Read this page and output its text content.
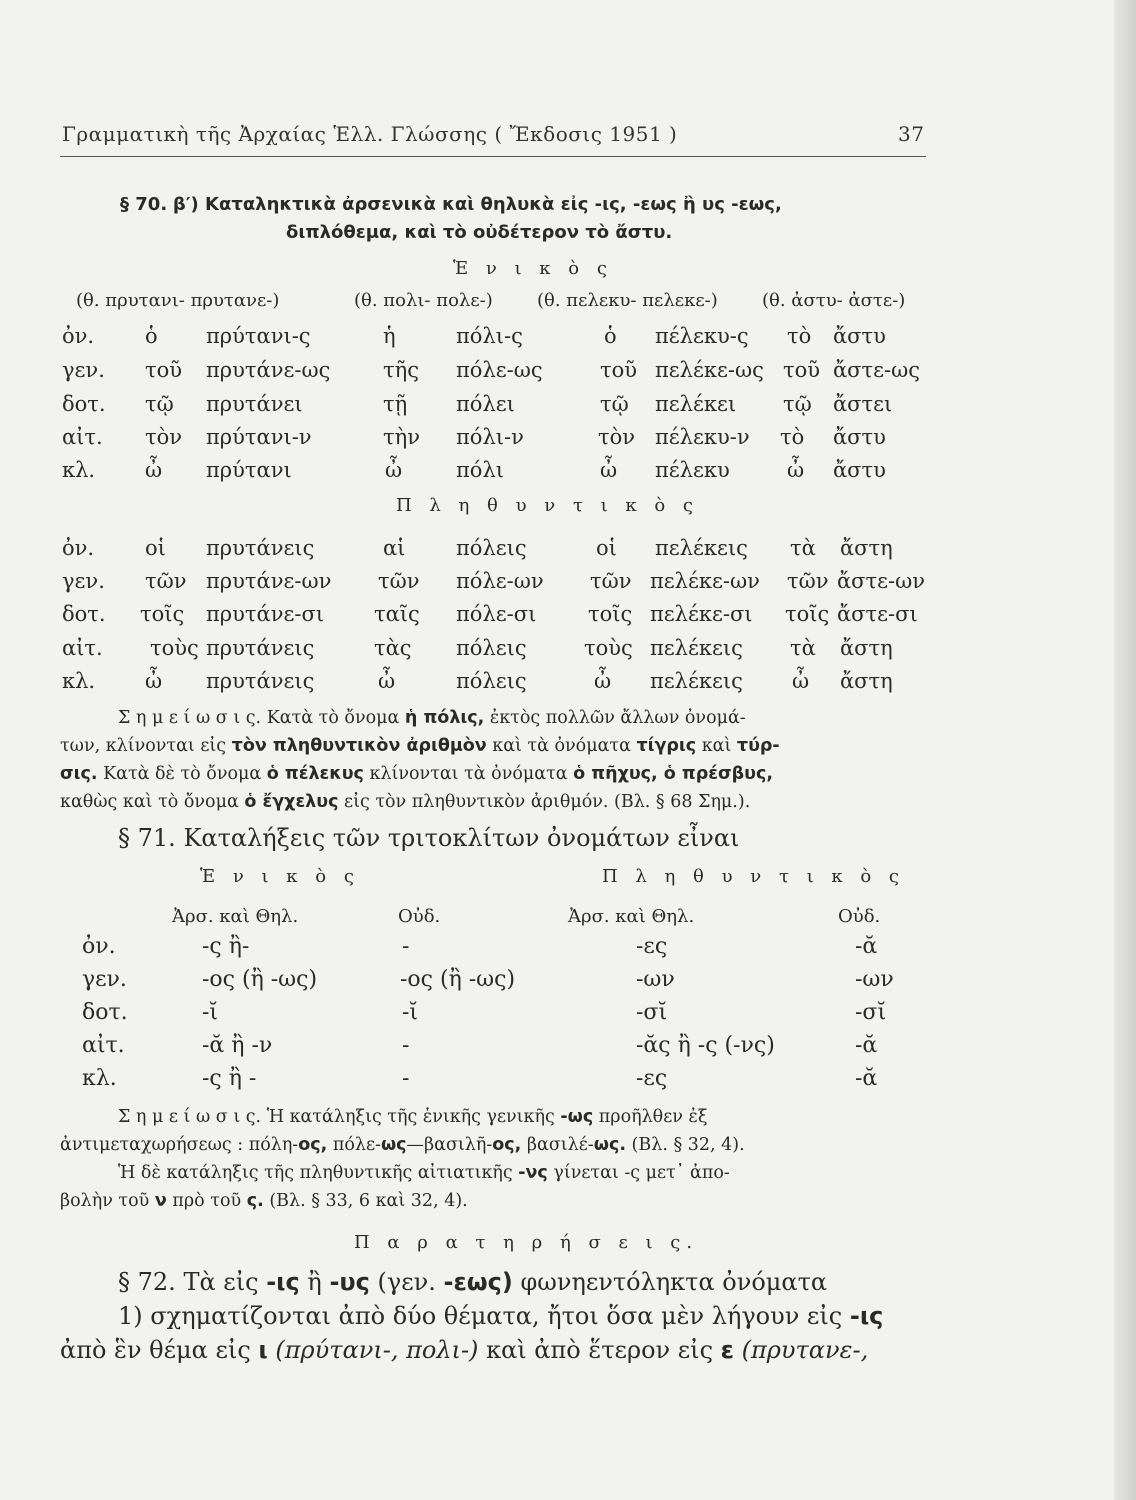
Γραμματικὴ τῆς Ἀρχαίας Ἑλλ. Γλώσσης ( Ἔκδοσις 1951 )	37
§ 70. β′) Καταληκτικὰ ἀρσενικὰ καὶ θηλυκὰ εἰς -ις, -εως ἢ υς -εως,
διπλόθεμα, καὶ τὸ οὐδέτερον τὸ ἄστυ.
Ἑ ν ι κ ὸ ς
(θ. πρυτανι- πρυτανε-)	(θ. πολι- πολε-) (θ. πελεκυ- πελεκε-) (θ. ἀστυ- ἀστε-)
ὀν. ὁ πρύτανι-ς	ἡ	πόλι-ς	ὁ πέλεκυ-ς τὸ ἄστυ
γεν. τοῦ πρυτάνε-ως	τῆς πόλε-ως	τοῦ πελέκε-ως τοῦ ἄστε-ως
δοτ. τῷ πρυτάνει	τῇ πόλει	τῷ πελέκει τῷ ἄστει
αἰτ. τὸν πρύτανι-ν	τὴν πόλι-ν	τὸν πέλεκυ-ν τὸ ἄστυ
κλ. ὦ πρύτανι	ὦ	πόλι	ὦ πέλεκυ	ὦ ἄστυ
Π λ η θ υ ν τ ι κ ὸ ς
ὀν. οἱ πρυτάνεις	αἱ πόλεις	οἱ πελέκεις τὰ ἄστη
γεν. τῶν πρυτάνε-ων τῶν πόλε-ων τῶν πελέκε-ων τῶν ἄστε-ων
δοτ. τοῖς πρυτάνε-σι ταῖς πόλε-σι τοῖς πελέκε-σι τοῖς ἄστε-σι
αἰτ. τοὺς πρυτάνεις	τὰς πόλεις	τοὺς πελέκεις τὰ ἄστη
κλ. ὦ πρυτάνεις	ὦ	πόλεις	ὦ πελέκεις ὦ ἄστη
Σ η μ ε ί ω σ ι ς. Κατὰ τὸ ὄνομα ἡ πόλις, ἐκτὸς πολλῶν ἄλλων ὀνομά-
των, κλίνονται εἰς τὸν πληθυντικὸν ἀριθμὸν καὶ τὰ ὀνόματα τίγρις καὶ τύρ-
σις. Κατὰ δὲ τὸ ὄνομα ὁ πέλεκυς κλίνονται τὰ ὀνόματα ὁ πῆχυς, ὁ πρέσβυς,
καθὼς καὶ τὸ ὄνομα ὁ ἔγχελυς εἰς τὸν πληθυντικὸν ἀριθμόν. (Βλ. § 68 Σημ.).
§ 71. Καταλήξεις τῶν τριτοκλίτων ὀνομάτων εἶναι
Ἑ ν ι κ ὸ ς	Π λ η θ υ ν τ ι κ ὸ ς
Ἀρσ. καὶ Θηλ.	Οὐδ.	Ἀρσ. καὶ Θηλ.	Οὐδ.
ὀν.	-ς ἢ-	-	-ες	-ᾰ
γεν.	-ος (ἢ -ως)	-ος (ἢ -ως)	-ων	-ων
δοτ.	-ῐ	-ῐ	-σῐ	-σῐ
αἰτ.	-ᾰ ἢ -ν	-	-ᾰς ἢ -ς (-νς)	-ᾰ
κλ.	-ς ἢ -	-	-ες	-ᾰ
Σ η μ ε ί ω σ ι ς. Ἡ κατάληξις τῆς ἑνικῆς γενικῆς -ως προῆλθεν ἐξ
ἀντιμεταχωρήσεως : πόλη-ος, πόλε-ως—βασιλῆ-ος, βασιλέ-ως. (Βλ. § 32, 4).
Ἡ δὲ κατάληξις τῆς πληθυντικῆς αἰτιατικῆς -νς γίνεται -ς μετ᾽ ἀπο-
βολὴν τοῦ ν πρὸ τοῦ ς. (Βλ. § 33, 6 καὶ 32, 4).
Π α ρ α τ η ρ ή σ ε ι ς.
§ 72. Τὰ εἰς -ις ἢ -υς (γεν. -εως) φωνηεντόληκτα ὀνόματα
1) σχηματίζονται ἀπὸ δύο θέματα, ἤτοι ὅσα μὲν λήγουν εἰς -ις
ἀπὸ ἓν θέμα εἰς ι (πρύτανι-, πολι-) καὶ ἀπὸ ἕτερον εἰς ε (πρυτανε-,
